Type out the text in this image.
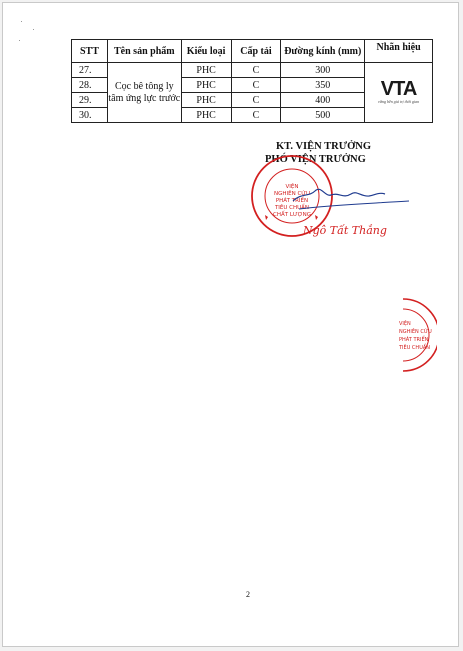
STT	Tên sản phẩm	Kiểu loại	Cấp tải	Đường kính (mm)	Nhãn hiệu
27.	Cọc bê tông ly tâm ứng lực trước	PHC	C	300	VTA
vững bền giá trị thời gian

28.		PHC	C	350	
29.		PHC	C	400	
30.		PHC	C	500	
KT. VIỆN TRƯỞNG
PHÓ VIỆN TRƯỞNG
VIỆN
NGHIÊN CỨU
PHÁT TRIỂN
TIÊU CHUẨN
CHẤT LƯỢNG
Ngô Tất Thắng
VIỆN
NGHIÊN CỨU
PHÁT TRIỂN
TIÊU CHUẨN
2
